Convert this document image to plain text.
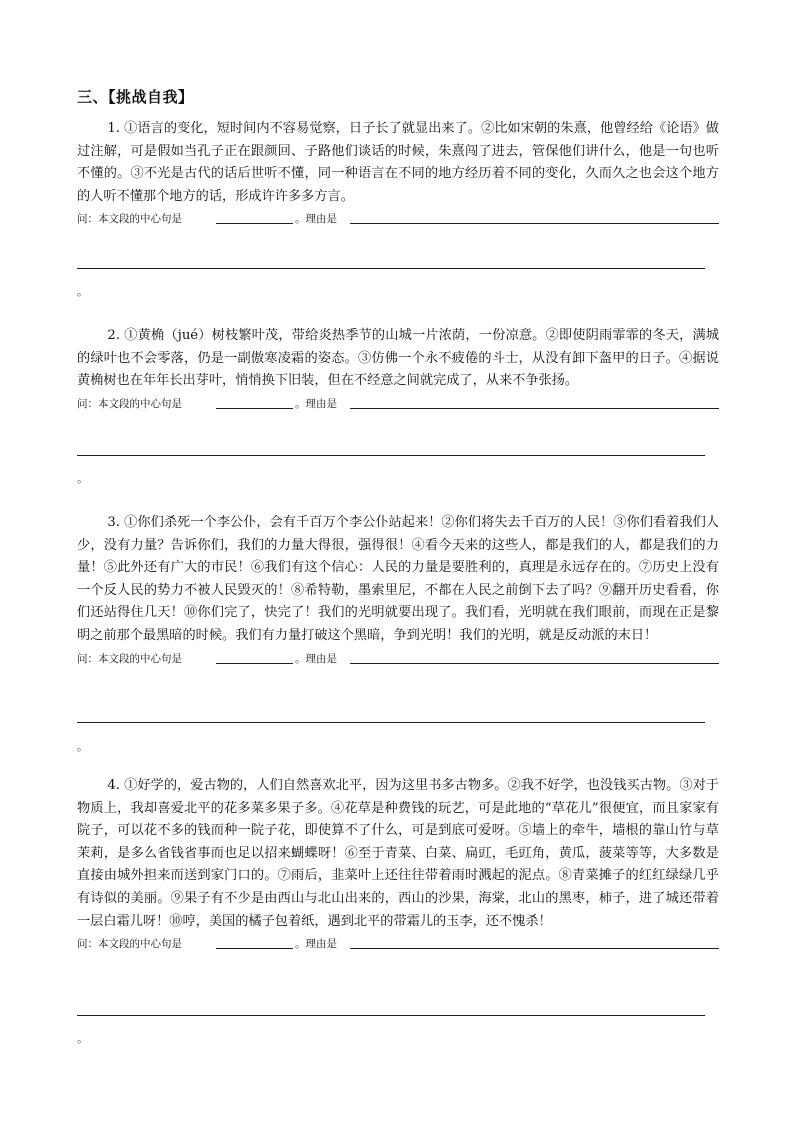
三、【挑战自我】

1. ①语言的变化，短时间内不容易觉察，日子长了就显出来了。②比如宋朝的朱熹，他曾经给《论语》做过注解，可是假如当孔子正在跟颜回、子路他们谈话的时候，朱熹闯了进去，管保他们讲什么，他是一句也听不懂的。③不光是古代的话后世听不懂，同一种语言在不同的地方经历着不同的变化，久而久之也会这个地方的人听不懂那个地方的话，形成许许多多方言。

问：本文段的中心句是	。理由是
。

2. ①黄桷（jué）树枝繁叶茂，带给炎热季节的山城一片浓荫，一份凉意。②即使阴雨霏霏的冬天，满城的绿叶也不会零落，仍是一副傲寒凌霜的姿态。③仿佛一个永不疲倦的斗士，从没有卸下盔甲的日子。④据说黄桷树也在年年长出芽叶，悄悄换下旧装，但在不经意之间就完成了，从来不争张扬。

问：本文段的中心句是	。理由是
。

3. ①你们杀死一个李公仆，会有千百万个李公仆站起来！②你们将失去千百万的人民！③你们看着我们人少，没有力量？告诉你们，我们的力量大得很，强得很！④看今天来的这些人，都是我们的人，都是我们的力量！⑤此外还有广大的市民！⑥我们有这个信心：人民的力量是要胜利的，真理是永远存在的。⑦历史上没有一个反人民的势力不被人民毁灭的！⑧希特勒，墨索里尼，不都在人民之前倒下去了吗？⑨翻开历史看看，你们还站得住几天！⑩你们完了，快完了！我们的光明就要出现了。我们看，光明就在我们眼前，而现在正是黎明之前那个最黑暗的时候。我们有力量打破这个黑暗，争到光明！我们的光明，就是反动派的末日！

问：本文段的中心句是	。理由是
。

4. ①好学的，爱古物的，人们自然喜欢北平，因为这里书多古物多。②我不好学，也没钱买古物。③对于物质上，我却喜爱北平的花多菜多果子多。④花草是种费钱的玩艺，可是此地的“草花儿”很便宜，而且家家有院子，可以花不多的钱而种一院子花，即使算不了什么，可是到底可爱呀。⑤墙上的牵牛，墙根的靠山竹与草茉莉，是多么省钱省事而也足以招来蝴蝶呀！⑥至于青菜、白菜、扁豇，毛豇角，黄瓜，菠菜等等，大多数是直接由城外担来而送到家门口的。⑦雨后，韭菜叶上还往往带着雨时溅起的泥点。⑧青菜摊子的红红绿绿几乎有诗似的美丽。⑨果子有不少是由西山与北山出来的，西山的沙果，海棠，北山的黑枣，柿子，进了城还带着一层白霜儿呀！⑩哼，美国的橘子包着纸，遇到北平的带霜儿的玉李，还不愧杀！

问：本文段的中心句是	。理由是
。
